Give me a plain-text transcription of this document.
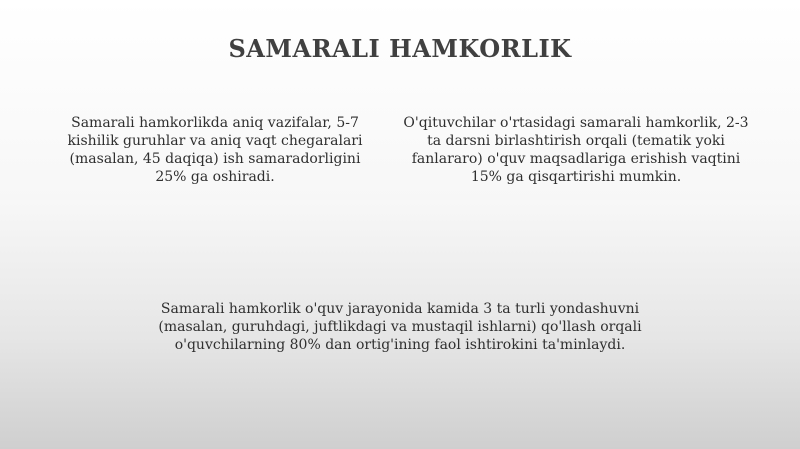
SAMARALI HAMKORLIK
Samarali hamkorlikda aniq vazifalar, 5-7 kishilik guruhlar va aniq vaqt chegaralari (masalan, 45 daqiqa) ish samaradorligini 25% ga oshiradi.
O'qituvchilar o'rtasidagi samarali hamkorlik, 2-3 ta darsni birlashtirish orqali (tematik yoki fanlararo) o'quv maqsadlariga erishish vaqtini 15% ga qisqartirishi mumkin.
Samarali hamkorlik o'quv jarayonida kamida 3 ta turli yondashuvni (masalan, guruhdagi, juftlikdagi va mustaqil ishlarni) qo'llash orqali o'quvchilarning 80% dan ortig'ining faol ishtirokini ta'minlaydi.
